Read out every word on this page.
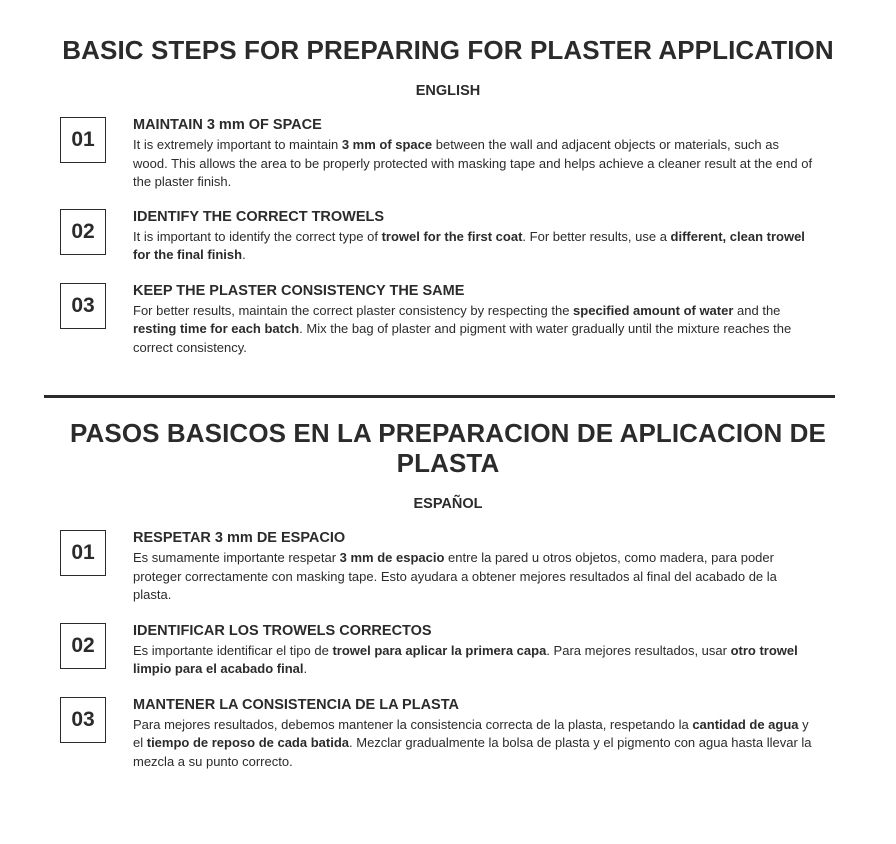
BASIC STEPS FOR PREPARING FOR PLASTER APPLICATION
ENGLISH
01
MAINTAIN 3 mm OF SPACE
It is extremely important to maintain 3 mm of space between the wall and adjacent objects or materials, such as wood. This allows the area to be properly protected with masking tape and helps achieve a cleaner result at the end of the plaster finish.
02
IDENTIFY THE CORRECT TROWELS
It is important to identify the correct type of trowel for the first coat. For better results, use a different, clean trowel for the final finish.
03
KEEP THE PLASTER CONSISTENCY THE SAME
For better results, maintain the correct plaster consistency by respecting the specified amount of water and the resting time for each batch. Mix the bag of plaster and pigment with water gradually until the mixture reaches the correct consistency.
PASOS BASICOS EN LA PREPARACION DE APLICACION DE PLASTA
ESPAÑOL
01
RESPETAR 3 mm DE ESPACIO
Es sumamente importante respetar 3 mm de espacio entre la pared u otros objetos, como madera, para poder proteger correctamente con masking tape. Esto ayudara a obtener mejores resultados al final del acabado de la plasta.
02
IDENTIFICAR LOS TROWELS CORRECTOS
Es importante identificar el tipo de trowel para aplicar la primera capa. Para mejores resultados, usar otro trowel limpio para el acabado final.
03
MANTENER LA CONSISTENCIA DE LA PLASTA
Para mejores resultados, debemos mantener la consistencia correcta de la plasta, respetando la cantidad de agua y el tiempo de reposo de cada batida. Mezclar gradualmente la bolsa de plasta y el pigmento con agua hasta llevar la mezcla a su punto correcto.
